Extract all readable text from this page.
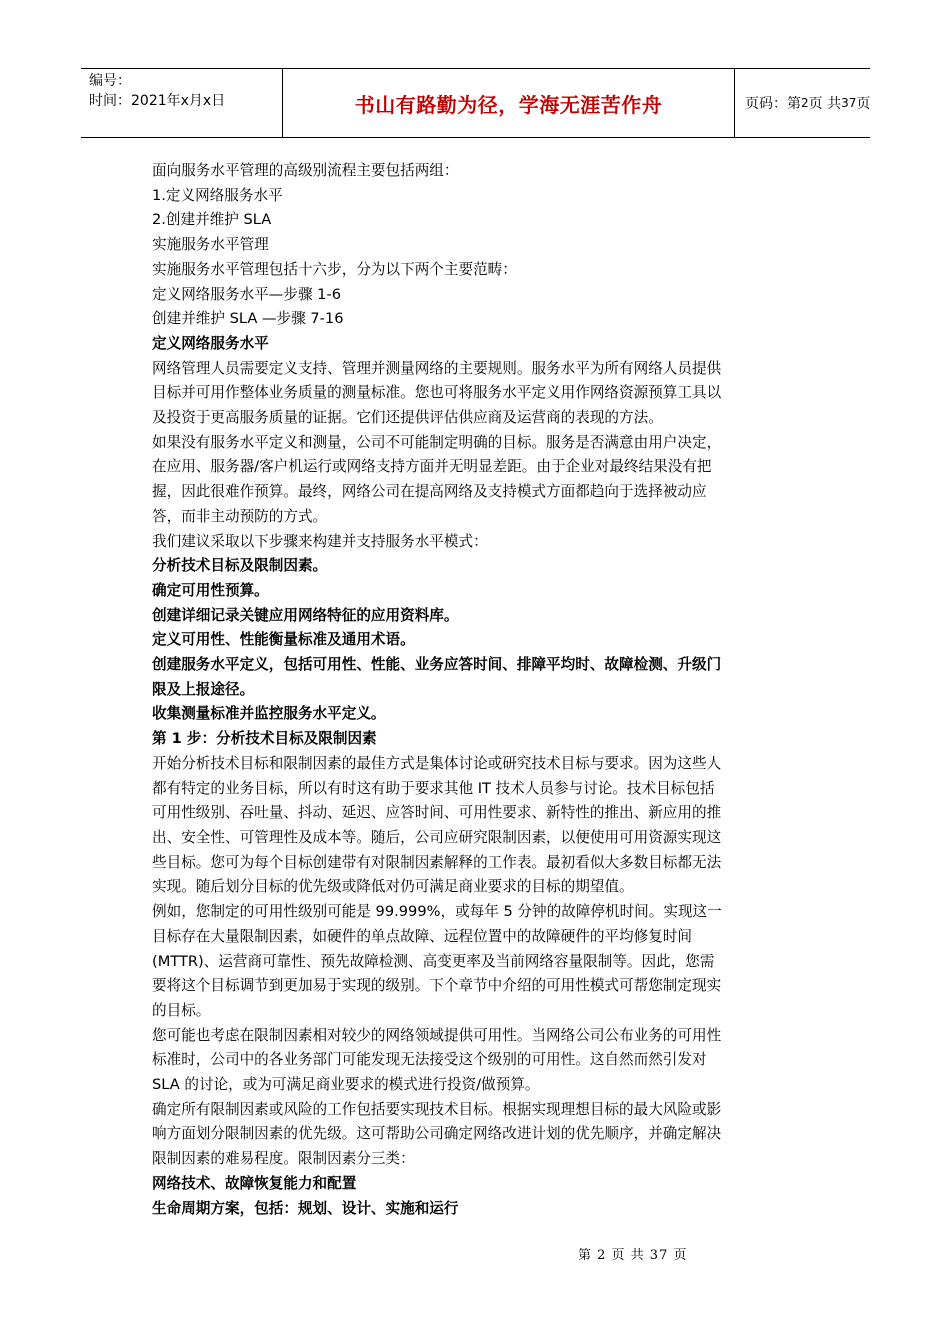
编号：
时间：2021年x月x日	书山有路勤为径，学海无涯苦作舟	页码：第 2 页 共 37 页
面向服务水平管理的高级别流程主要包括两组：
1.定义网络服务水平
2.创建并维护 SLA
实施服务水平管理
实施服务水平管理包括十六步，分为以下两个主要范畴：
定义网络服务水平—步骤 1-6
创建并维护 SLA —步骤 7-16
定义网络服务水平
网络管理人员需要定义支持、管理并测量网络的主要规则。服务水平为所有网络人员提供
目标并可用作整体业务质量的测量标准。您也可将服务水平定义用作网络资源预算工具以
及投资于更高服务质量的证据。它们还提供评估供应商及运营商的表现的方法。
如果没有服务水平定义和测量，公司不可能制定明确的目标。服务是否满意由用户决定，
在应用、服务器/客户机运行或网络支持方面并无明显差距。由于企业对最终结果没有把
握，因此很难作预算。最终，网络公司在提高网络及支持模式方面都趋向于选择被动应
答，而非主动预防的方式。
我们建议采取以下步骤来构建并支持服务水平模式：
分析技术目标及限制因素。
确定可用性预算。
创建详细记录关键应用网络特征的应用资料库。
定义可用性、性能衡量标准及通用术语。
创建服务水平定义，包括可用性、性能、业务应答时间、排障平均时、故障检测、升级门
限及上报途径。
收集测量标准并监控服务水平定义。
第 1 步：分析技术目标及限制因素
开始分析技术目标和限制因素的最佳方式是集体讨论或研究技术目标与要求。因为这些人
都有特定的业务目标，所以有时这有助于要求其他 IT 技术人员参与讨论。技术目标包括
可用性级别、吞吐量、抖动、延迟、应答时间、可用性要求、新特性的推出、新应用的推
出、安全性、可管理性及成本等。随后，公司应研究限制因素，以便使用可用资源实现这
些目标。您可为每个目标创建带有对限制因素解释的工作表。最初看似大多数目标都无法
实现。随后划分目标的优先级或降低对仍可满足商业要求的目标的期望值。
例如，您制定的可用性级别可能是 99.999%，或每年 5 分钟的故障停机时间。实现这一
目标存在大量限制因素，如硬件的单点故障、远程位置中的故障硬件的平均修复时间
(MTTR)、运营商可靠性、预先故障检测、高变更率及当前网络容量限制等。因此，您需
要将这个目标调节到更加易于实现的级别。下个章节中介绍的可用性模式可帮您制定现实
的目标。
您可能也考虑在限制因素相对较少的网络领域提供可用性。当网络公司公布业务的可用性
标准时，公司中的各业务部门可能发现无法接受这个级别的可用性。这自然而然引发对
SLA 的讨论，或为可满足商业要求的模式进行投资/做预算。
确定所有限制因素或风险的工作包括要实现技术目标。根据实现理想目标的最大风险或影
响方面划分限制因素的优先级。这可帮助公司确定网络改进计划的优先顺序，并确定解决
限制因素的难易程度。限制因素分三类：
网络技术、故障恢复能力和配置
生命周期方案，包括：规划、设计、实施和运行
第 2 页 共 37 页
